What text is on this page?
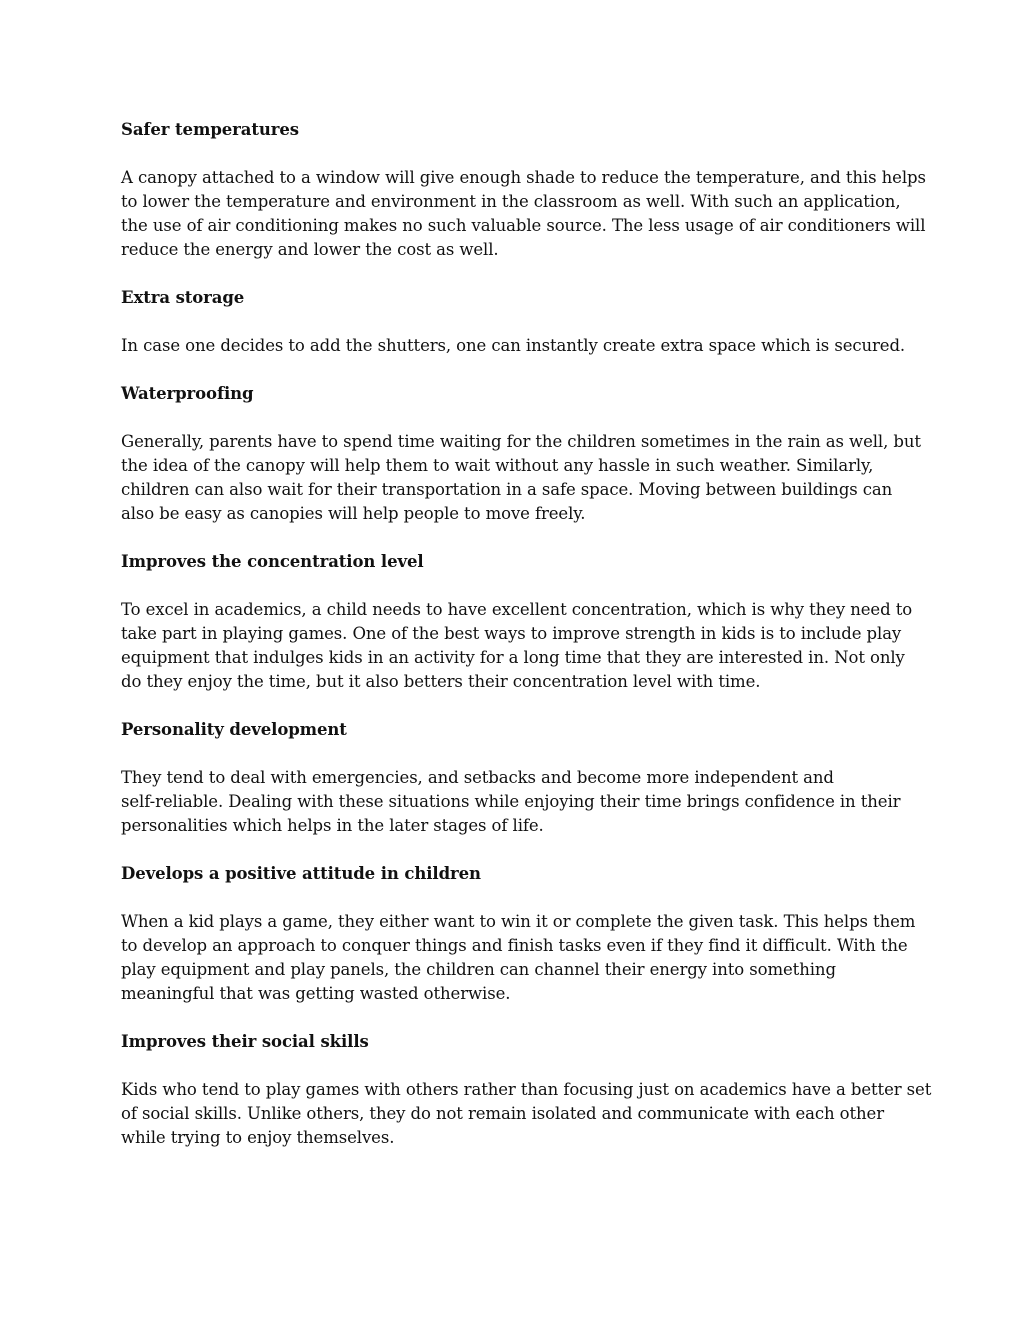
Safer temperatures
A canopy attached to a window will give enough shade to reduce the temperature, and this helps
to lower the temperature and environment in the classroom as well. With such an application,
the use of air conditioning makes no such valuable source. The less usage of air conditioners will
reduce the energy and lower the cost as well.
Extra storage
In case one decides to add the shutters, one can instantly create extra space which is secured.
Waterproofing
Generally, parents have to spend time waiting for the children sometimes in the rain as well, but
the idea of the canopy will help them to wait without any hassle in such weather. Similarly,
children can also wait for their transportation in a safe space. Moving between buildings can
also be easy as canopies will help people to move freely.
Improves the concentration level
To excel in academics, a child needs to have excellent concentration, which is why they need to
take part in playing games. One of the best ways to improve strength in kids is to include play
equipment that indulges kids in an activity for a long time that they are interested in. Not only
do they enjoy the time, but it also betters their concentration level with time.
Personality development
They tend to deal with emergencies, and setbacks and become more independent and
self-reliable. Dealing with these situations while enjoying their time brings confidence in their
personalities which helps in the later stages of life.
Develops a positive attitude in children
When a kid plays a game, they either want to win it or complete the given task. This helps them
to develop an approach to conquer things and finish tasks even if they find it difficult. With the
play equipment and play panels, the children can channel their energy into something
meaningful that was getting wasted otherwise.
Improves their social skills
Kids who tend to play games with others rather than focusing just on academics have a better set
of social skills. Unlike others, they do not remain isolated and communicate with each other
while trying to enjoy themselves.
